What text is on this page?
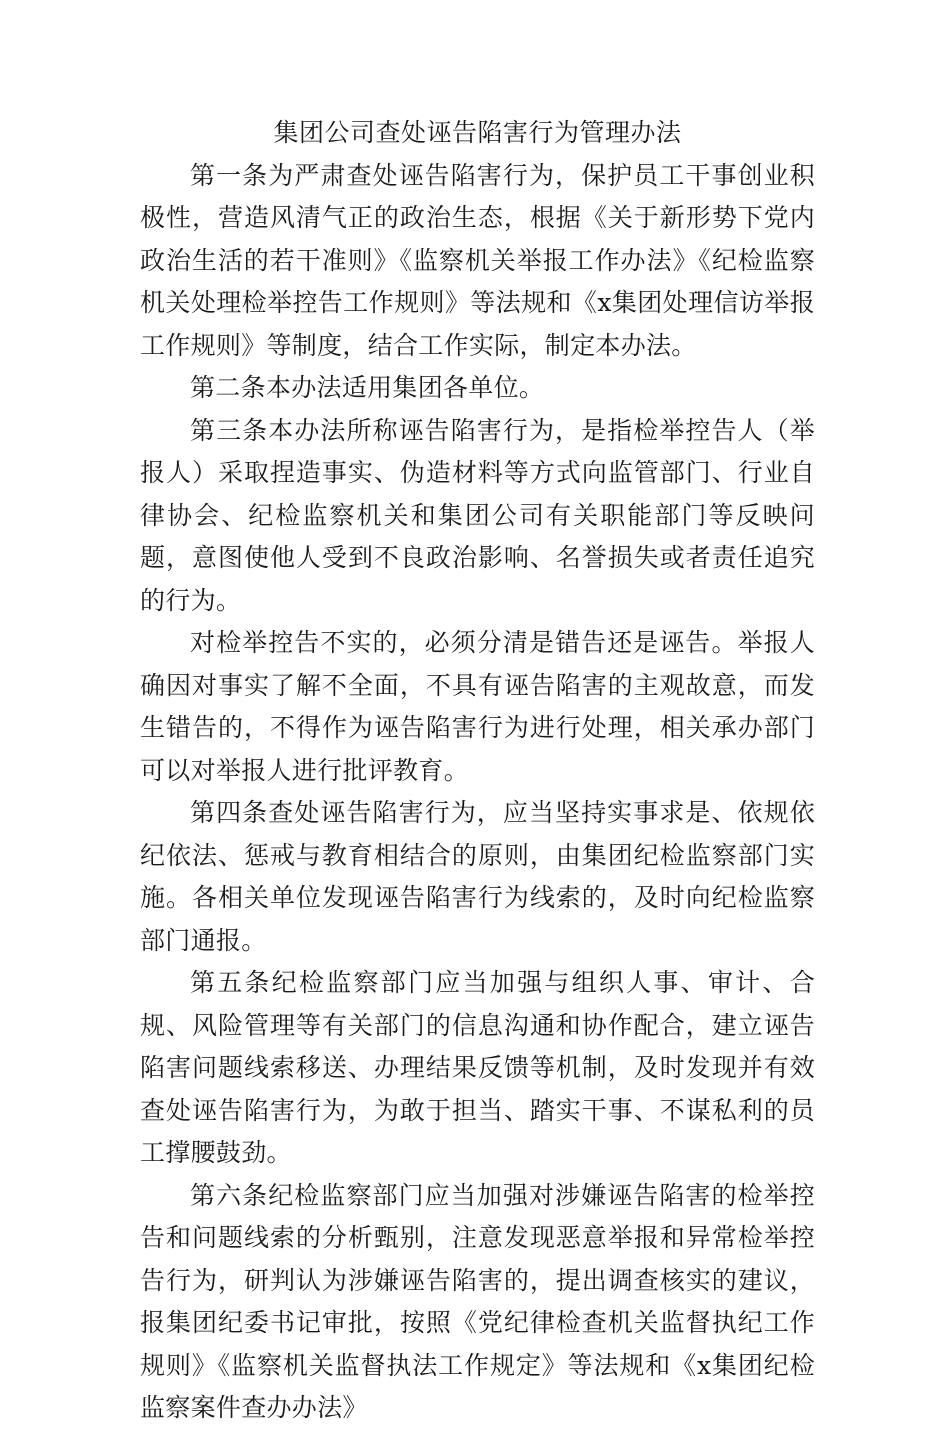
集团公司查处诬告陷害行为管理办法

第一条为严肃查处诬告陷害行为，保护员工干事创业积极性，营造风清气正的政治生态，根据《关于新形势下党内政治生活的若干准则》《监察机关举报工作办法》《纪检监察机关处理检举控告工作规则》等法规和《x集团处理信访举报工作规则》等制度，结合工作实际，制定本办法。

第二条本办法适用集团各单位。

第三条本办法所称诬告陷害行为，是指检举控告人（举报人）采取捏造事实、伪造材料等方式向监管部门、行业自律协会、纪检监察机关和集团公司有关职能部门等反映问题，意图使他人受到不良政治影响、名誉损失或者责任追究的行为。

对检举控告不实的，必须分清是错告还是诬告。举报人确因对事实了解不全面，不具有诬告陷害的主观故意，而发生错告的，不得作为诬告陷害行为进行处理，相关承办部门可以对举报人进行批评教育。

第四条查处诬告陷害行为，应当坚持实事求是、依规依纪依法、惩戒与教育相结合的原则，由集团纪检监察部门实施。各相关单位发现诬告陷害行为线索的，及时向纪检监察部门通报。

第五条纪检监察部门应当加强与组织人事、审计、合规、风险管理等有关部门的信息沟通和协作配合，建立诬告陷害问题线索移送、办理结果反馈等机制，及时发现并有效查处诬告陷害行为，为敢于担当、踏实干事、不谋私利的员工撑腰鼓劲。

第六条纪检监察部门应当加强对涉嫌诬告陷害的检举控告和问题线索的分析甄别，注意发现恶意举报和异常检举控告行为，研判认为涉嫌诬告陷害的，提出调查核实的建议，报集团纪委书记审批，按照《党纪律检查机关监督执纪工作规则》《监察机关监督执法工作规定》等法规和《x集团纪检监察案件查办办法》
